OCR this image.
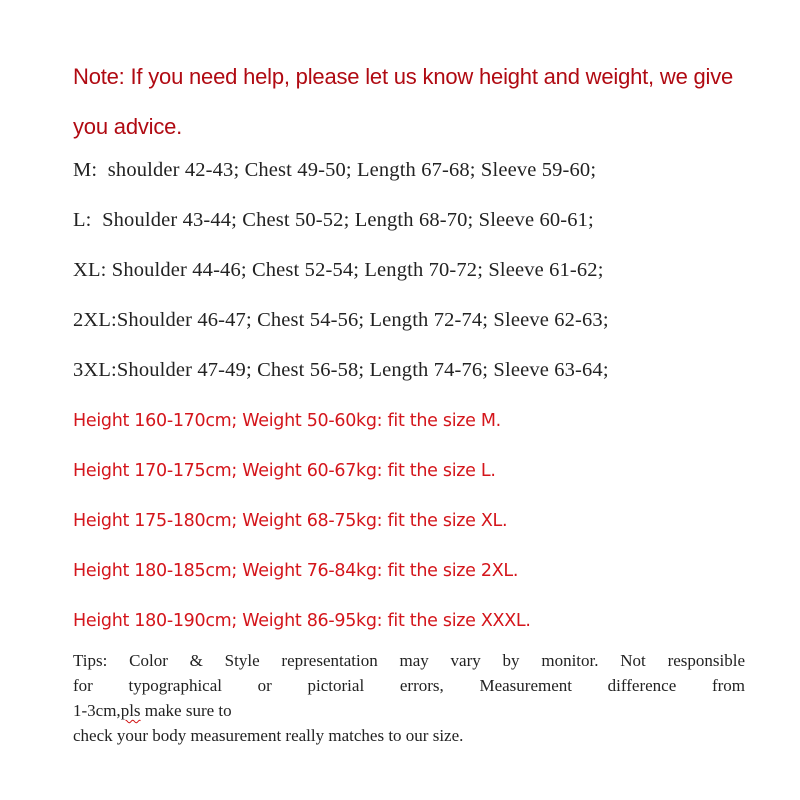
Note: If you need help, please let us know height and weight, we give you advice.
M: shoulder 42-43; Chest 49-50; Length 67-68; Sleeve 59-60;
L: Shoulder 43-44; Chest 50-52; Length 68-70; Sleeve 60-61;
XL: Shoulder 44-46; Chest 52-54; Length 70-72; Sleeve 61-62;
2XL:Shoulder 46-47; Chest 54-56; Length 72-74; Sleeve 62-63;
3XL:Shoulder 47-49; Chest 56-58; Length 74-76; Sleeve 63-64;
Height 160-170cm; Weight 50-60kg: fit the size M.
Height 170-175cm; Weight 60-67kg: fit the size L.
Height 175-180cm; Weight 68-75kg: fit the size XL.
Height 180-185cm; Weight 76-84kg: fit the size 2XL.
Height 180-190cm; Weight 86-95kg: fit the size XXXL.
Tips: Color & Style representation may vary by monitor. Not responsible
for typographical or pictorial errors, Measurement difference from
1-3cm,pls make sure to
check your body measurement really matches to our size.
